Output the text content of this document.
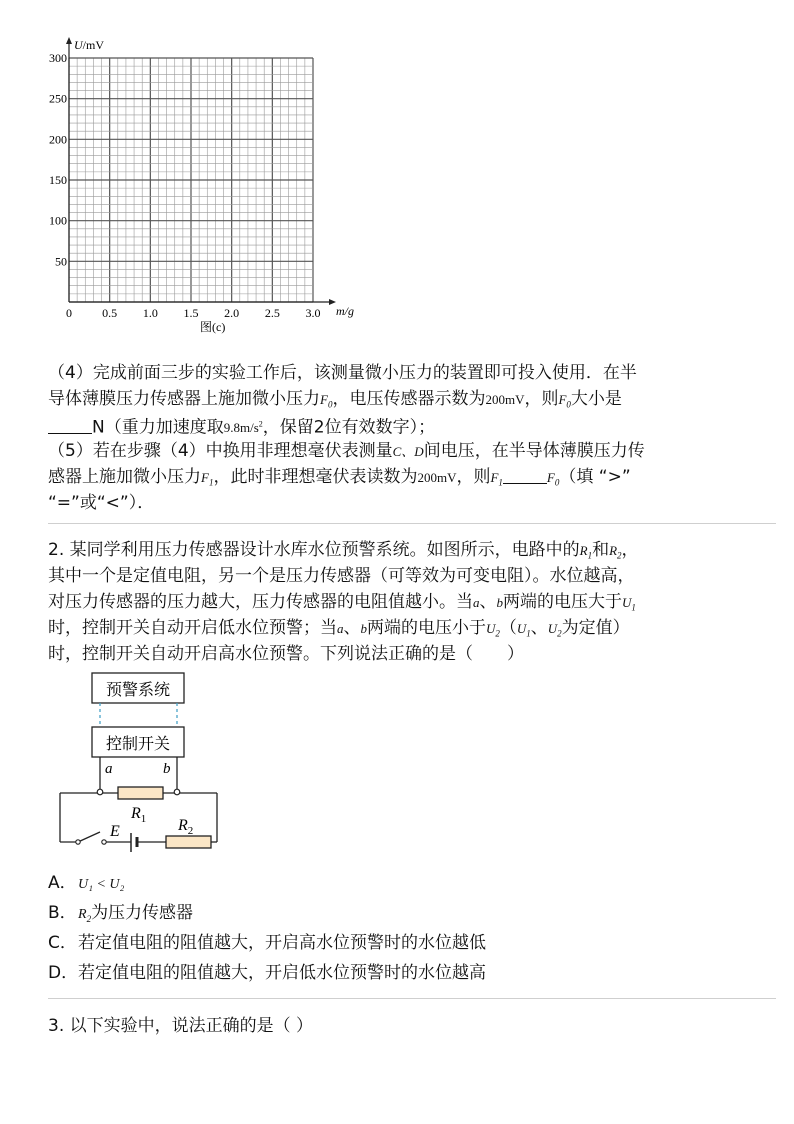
0	0.5 1.0 1.5 2.0 2.5 3.0
300
250
200
150
100
50
U/mV
m/g
图(c)
（4）完成前面三步的实验工作后，该测量微小压力的装置即可投入使用．在半
导体薄膜压力传感器上施加微小压力$F_0$，电压传感器示数为200mV，则$F_0$大小是
N（重力加速度取$9.8m/s^2$，保留2位有效数字）；
（5）若在步骤（4）中换用非理想毫伏表测量C、D间电压，在半导体薄膜压力传
感器上施加微小压力$F_1$，此时非理想毫伏表读数为200mV，则$F_1$	$F_0$（填 “>”
“=”或“<”）．
2. 某同学利用压力传感器设计水库水位预警系统。如图所示，电路中的$R_1$和$R_2$，
其中一个是定值电阻，另一个是压力传感器（可等效为可变电阻）。水位越高，
对压力传感器的压力越大，压力传感器的电阻值越小。当a、b两端的电压大于$U_1$
时，控制开关自动开启低水位预警；当a、b两端的电压小于$U_2(U_1$、$U_2$为定值）
时，控制开关自动开启高水位预警。下列说法正确的是（　　）
预警系统
控制开关
a	b
$R_1$ $R_2$
E
A．U₁ < U₂
B．$R_2$为压力传感器
C．若定值电阻的阻值越大，开启高水位预警时的水位越低
D．若定值电阻的阻值越大，开启低水位预警时的水位越高
3. 以下实验中，说法正确的是（ ）
